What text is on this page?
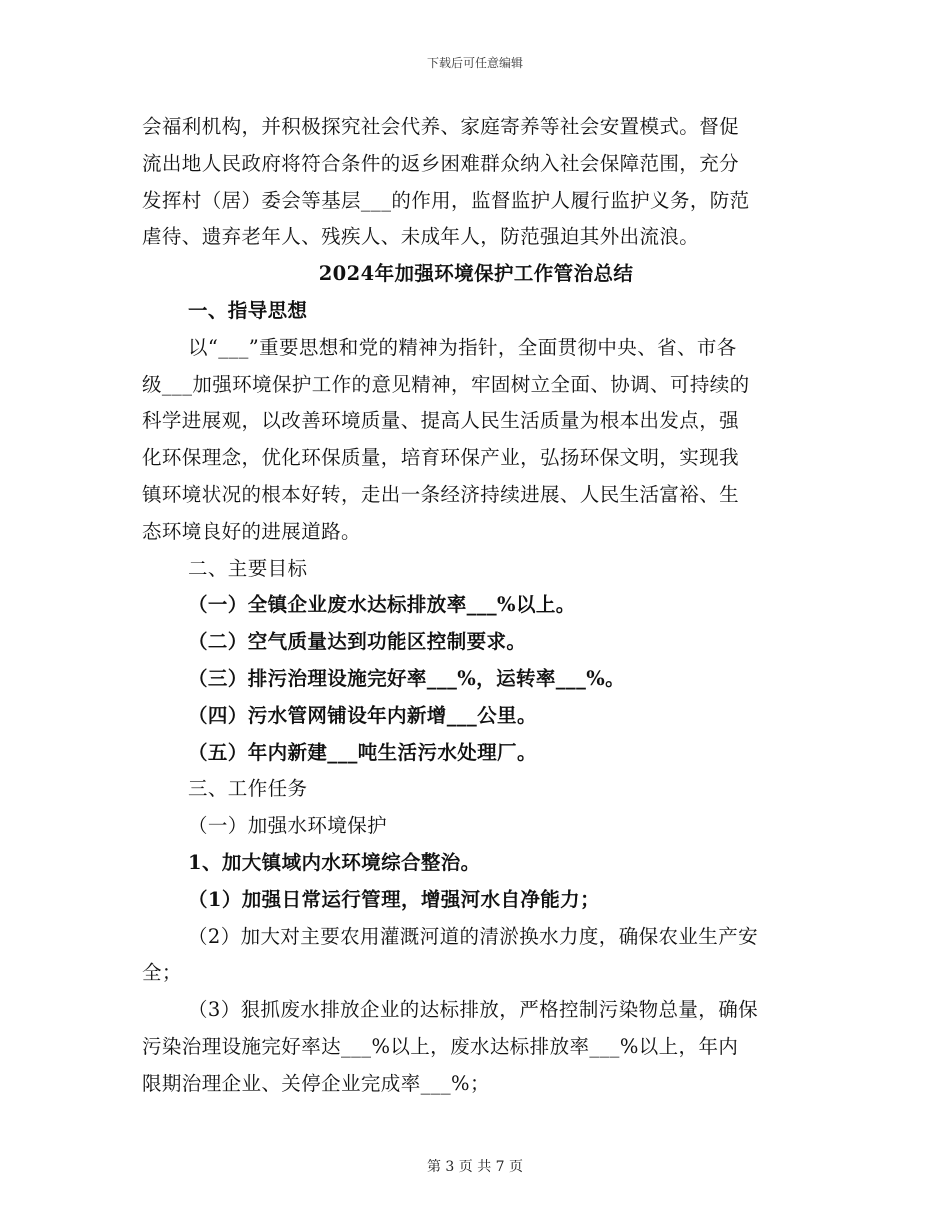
下载后可任意编辑

会福利机构，并积极探究社会代养、家庭寄养等社会安置模式。督促

流出地人民政府将符合条件的返乡困难群众纳入社会保障范围，充分

发挥村（居）委会等基层___的作用，监督监护人履行监护义务，防范

虐待、遗弃老年人、残疾人、未成年人，防范强迫其外出流浪。

2024年加强环境保护工作管治总结

一、指导思想

以“___”重要思想和党的精神为指针，全面贯彻中央、省、市各

级___加强环境保护工作的意见精神，牢固树立全面、协调、可持续的

科学进展观，以改善环境质量、提高人民生活质量为根本出发点，强

化环保理念，优化环保质量，培育环保产业，弘扬环保文明，实现我

镇环境状况的根本好转，走出一条经济持续进展、人民生活富裕、生

态环境良好的进展道路。

二、主要目标

（一）全镇企业废水达标排放率___%以上。

（二）空气质量达到功能区控制要求。

（三）排污治理设施完好率___%，运转率___%。

（四）污水管网铺设年内新增___公里。

（五）年内新建___吨生活污水处理厂。

三、工作任务

（一）加强水环境保护

1、加大镇域内水环境综合整治。

（1）加强日常运行管理，增强河水自净能力；

（2）加大对主要农用灌溉河道的清淤换水力度，确保农业生产安

全；

（3）狠抓废水排放企业的达标排放，严格控制污染物总量，确保

污染治理设施完好率达___%以上，废水达标排放率___%以上，年内

限期治理企业、关停企业完成率___%；

第 3 页 共 7 页
